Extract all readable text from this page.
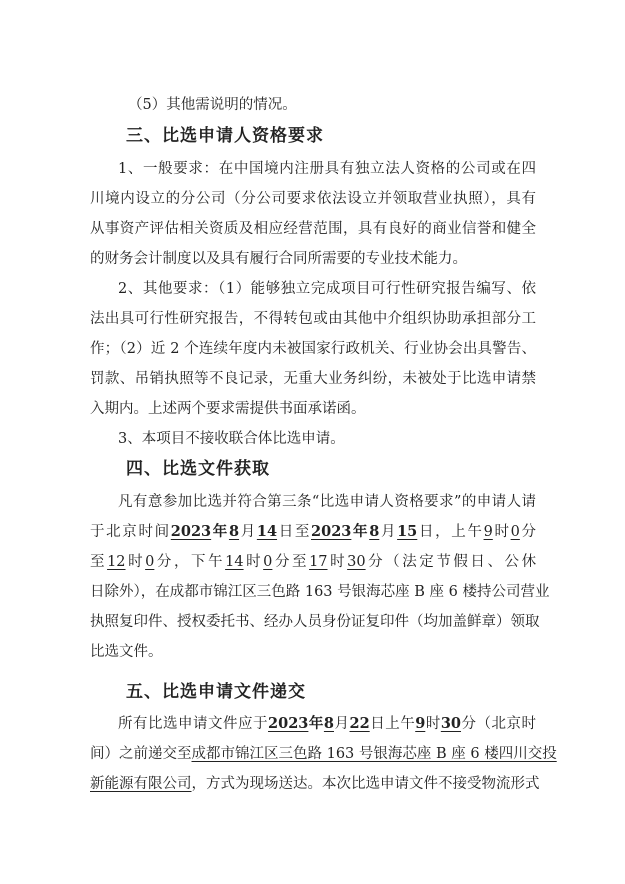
（5）其他需说明的情况。
三、比选申请人资格要求
1、一般要求：在中国境内注册具有独立法人资格的公司或在四
川境内设立的分公司（分公司要求依法设立并领取营业执照），具有
从事资产评估相关资质及相应经营范围，具有良好的商业信誉和健全
的财务会计制度以及具有履行合同所需要的专业技术能力。
2、其他要求：（1）能够独立完成项目可行性研究报告编写、依
法出具可行性研究报告，不得转包或由其他中介组织协助承担部分工
作；（2）近 2 个连续年度内未被国家行政机关、行业协会出具警告、
罚款、吊销执照等不良记录，无重大业务纠纷，未被处于比选申请禁
入期内。上述两个要求需提供书面承诺函。
3、本项目不接收联合体比选申请。
四、比选文件获取
凡有意参加比选并符合第三条“比选申请人资格要求”的申请人请
于北京时间2023年8月14日至2023年8月15日，上午9时0分
至12时0分，下午14时0分至17时30分（法定节假日、公休
日除外），在成都市锦江区三色路 163 号银海芯座 B 座 6 楼持公司营业
执照复印件、授权委托书、经办人员身份证复印件（均加盖鲜章）领取
比选文件。
五、比选申请文件递交
所有比选申请文件应于2023年8月22日上午9时30分（北京时
间）之前递交至成都市锦江区三色路 163 号银海芯座 B 座 6 楼四川交投
新能源有限公司，方式为现场送达。本次比选申请文件不接受物流形式
